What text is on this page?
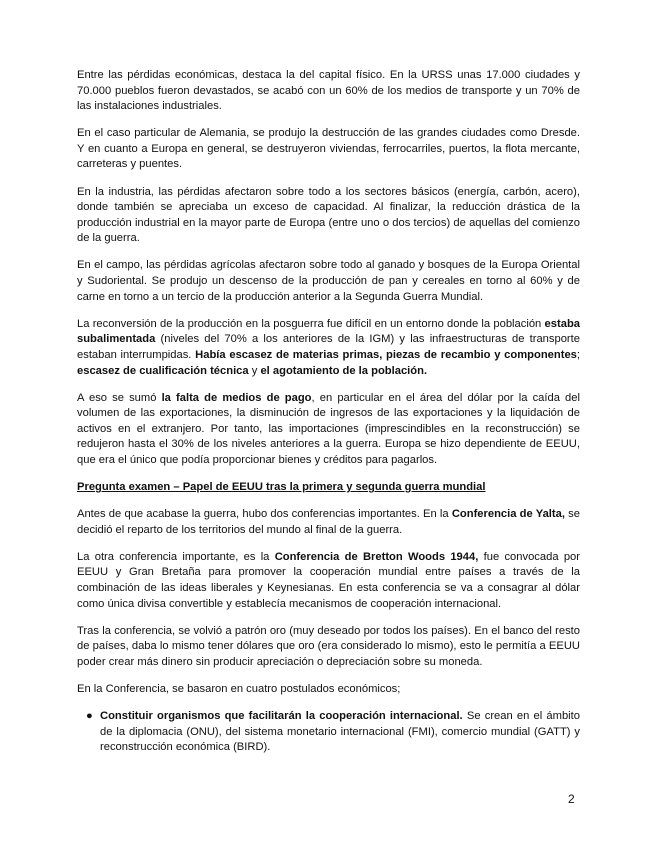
Entre las pérdidas económicas, destaca la del capital físico. En la URSS unas 17.000 ciudades y 70.000 pueblos fueron devastados, se acabó con un 60% de los medios de transporte y un 70% de las instalaciones industriales.

En el caso particular de Alemania, se produjo la destrucción de las grandes ciudades como Dresde. Y en cuanto a Europa en general, se destruyeron viviendas, ferrocarriles, puertos, la flota mercante, carreteras y puentes.

En la industria, las pérdidas afectaron sobre todo a los sectores básicos (energía, carbón, acero), donde también se apreciaba un exceso de capacidad. Al finalizar, la reducción drástica de la producción industrial en la mayor parte de Europa (entre uno o dos tercios) de aquellas del comienzo de la guerra.

En el campo, las pérdidas agrícolas afectaron sobre todo al ganado y bosques de la Europa Oriental y Sudoriental. Se produjo un descenso de la producción de pan y cereales en torno al 60% y de carne en torno a un tercio de la producción anterior a la Segunda Guerra Mundial.

La reconversión de la producción en la posguerra fue difícil en un entorno donde la población estaba subalimentada (niveles del 70% a los anteriores de la IGM) y las infraestructuras de transporte estaban interrumpidas. Había escasez de materias primas, piezas de recambio y componentes; escasez de cualificación técnica y el agotamiento de la población.

A eso se sumó la falta de medios de pago, en particular en el área del dólar por la caída del volumen de las exportaciones, la disminución de ingresos de las exportaciones y la liquidación de activos en el extranjero. Por tanto, las importaciones (imprescindibles en la reconstrucción) se redujeron hasta el 30% de los niveles anteriores a la guerra. Europa se hizo dependiente de EEUU, que era el único que podía proporcionar bienes y créditos para pagarlos.

Pregunta examen – Papel de EEUU tras la primera y segunda guerra mundial

Antes de que acabase la guerra, hubo dos conferencias importantes. En la Conferencia de Yalta, se decidió el reparto de los territorios del mundo al final de la guerra.

La otra conferencia importante, es la Conferencia de Bretton Woods 1944, fue convocada por EEUU y Gran Bretaña para promover la cooperación mundial entre países a través de la combinación de las ideas liberales y Keynesianas. En esta conferencia se va a consagrar al dólar como única divisa convertible y establecía mecanismos de cooperación internacional.

Tras la conferencia, se volvió a patrón oro (muy deseado por todos los países). En el banco del resto de países, daba lo mismo tener dólares que oro (era considerado lo mismo), esto le permitía a EEUU poder crear más dinero sin producir apreciación o depreciación sobre su moneda.

En la Conferencia, se basaron en cuatro postulados económicos;

● Constituir organismos que facilitarán la cooperación internacional. Se crean en el ámbito de la diplomacia (ONU), del sistema monetario internacional (FMI), comercio mundial (GATT) y reconstrucción económica (BIRD).
2
